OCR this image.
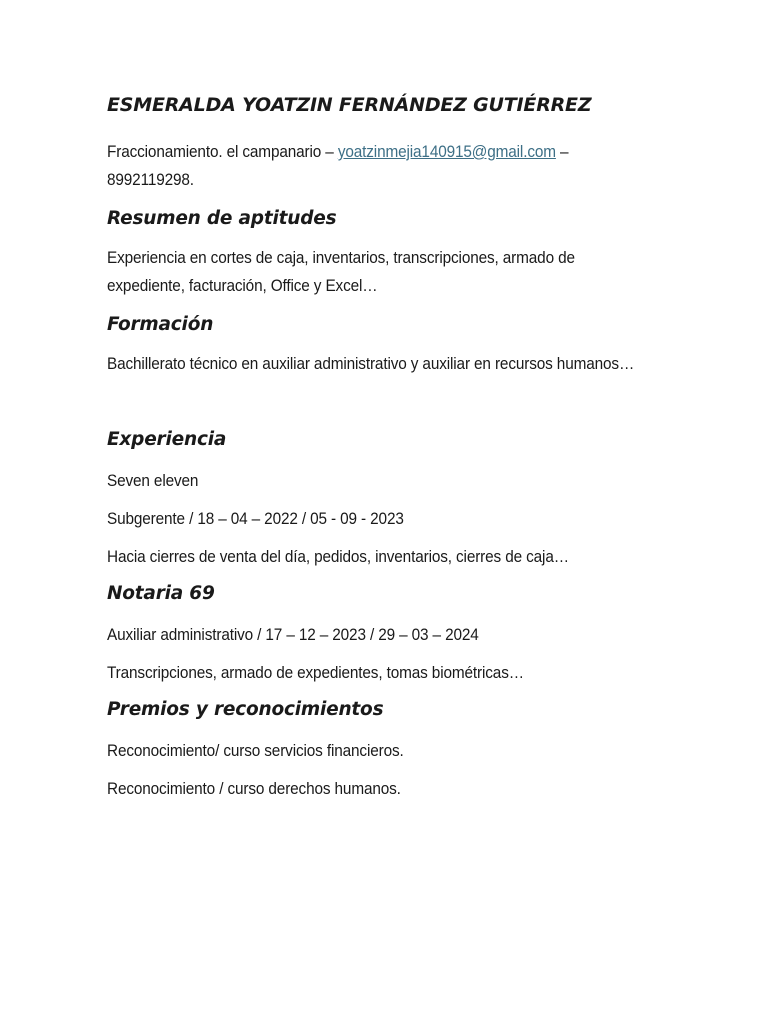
ESMERALDA YOATZIN FERNÁNDEZ GUTIÉRREZ

Fraccionamiento. el campanario – yoatzinmejia140915@gmail.com – 8992119298.

Resumen de aptitudes

Experiencia en cortes de caja, inventarios, transcripciones, armado de expediente, facturación, Office y Excel…

Formación

Bachillerato técnico en auxiliar administrativo y auxiliar en recursos humanos…

Experiencia

Seven eleven

Subgerente / 18 – 04 – 2022 / 05 - 09 - 2023

Hacia cierres de venta del día, pedidos, inventarios, cierres de caja…

Notaria 69

Auxiliar administrativo / 17 – 12 – 2023 / 29 – 03 – 2024

Transcripciones, armado de expedientes, tomas biométricas…

Premios y reconocimientos

Reconocimiento/ curso servicios financieros.

Reconocimiento / curso derechos humanos.
